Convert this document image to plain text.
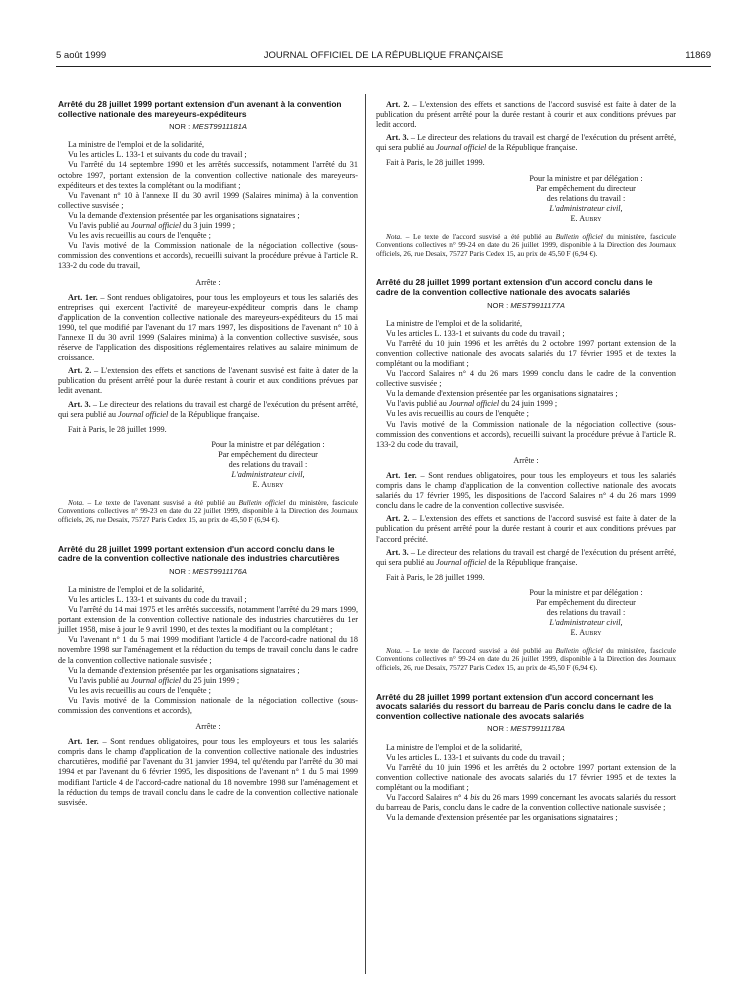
5 août 1999	JOURNAL OFFICIEL DE LA RÉPUBLIQUE FRANÇAISE	11869

Arrêté du 28 juillet 1999 portant extension d'un avenant à la convention collective nationale des mareyeurs-expéditeurs

NOR : MEST9911181A

La ministre de l'emploi et de la solidarité,

Vu les articles L. 133-1 et suivants du code du travail ;

Vu l'arrêté du 14 septembre 1990 et les arrêtés successifs, notamment l'arrêté du 31 octobre 1997, portant extension de la convention collective nationale des mareyeurs-expéditeurs et des textes la complétant ou la modifiant ;

Vu l'avenant n° 10 à l'annexe II du 30 avril 1999 (Salaires minima) à la convention collective susvisée ;

Vu la demande d'extension présentée par les organisations signataires ;

Vu l'avis publié au Journal officiel du 3 juin 1999 ;

Vu les avis recueillis au cours de l'enquête ;

Vu l'avis motivé de la Commission nationale de la négociation collective (sous-commission des conventions et accords), recueilli suivant la procédure prévue à l'article R. 133-2 du code du travail,

Arrête :

Art. 1er. – Sont rendues obligatoires, pour tous les employeurs et tous les salariés des entreprises qui exercent l'activité de mareyeur-expéditeur compris dans le champ d'application de la convention collective nationale des mareyeurs-expéditeurs du 15 mai 1990, tel que modifié par l'avenant du 17 mars 1997, les dispositions de l'avenant n° 10 à l'annexe II du 30 avril 1999 (Salaires minima) à la convention collective susvisée, sous réserve de l'application des dispositions réglementaires relatives au salaire minimum de croissance.

Art. 2. – L'extension des effets et sanctions de l'avenant susvisé est faite à dater de la publication du présent arrêté pour la durée restant à courir et aux conditions prévues par ledit avenant.

Art. 3. – Le directeur des relations du travail est chargé de l'exécution du présent arrêté, qui sera publié au Journal officiel de la République française.

Fait à Paris, le 28 juillet 1999.

Pour la ministre et par délégation :
Par empêchement du directeur
des relations du travail :
L'administrateur civil,
E. Aubry

Nota. – Le texte de l'avenant susvisé a été publié au Bulletin officiel du ministère, fascicule Conventions collectives n° 99-23 en date du 22 juillet 1999, disponible à la Direction des Journaux officiels, 26, rue Desaix, 75727 Paris Cedex 15, au prix de 45,50 F (6,94 €).

Arrêté du 28 juillet 1999 portant extension d'un accord conclu dans le cadre de la convention collective nationale des industries charcutières

NOR : MEST9911176A

La ministre de l'emploi et de la solidarité,

Vu les articles L. 133-1 et suivants du code du travail ;

Vu l'arrêté du 14 mai 1975 et les arrêtés successifs, notamment l'arrêté du 29 mars 1999, portant extension de la convention collective nationale des industries charcutières du 1er juillet 1958, mise à jour le 9 avril 1990, et des textes la modifiant ou la complétant ;

Vu l'avenant n° 1 du 5 mai 1999 modifiant l'article 4 de l'accord-cadre national du 18 novembre 1998 sur l'aménagement et la réduction du temps de travail conclu dans le cadre de la convention collective nationale susvisée ;

Vu la demande d'extension présentée par les organisations signataires ;

Vu l'avis publié au Journal officiel du 25 juin 1999 ;

Vu les avis recueillis au cours de l'enquête ;

Vu l'avis motivé de la Commission nationale de la négociation collective (sous-commission des conventions et accords),

Arrête :

Art. 1er. – Sont rendues obligatoires, pour tous les employeurs et tous les salariés compris dans le champ d'application de la convention collective nationale des industries charcutières, modifié par l'avenant du 31 janvier 1994, tel qu'étendu par l'arrêté du 30 mai 1994 et par l'avenant du 6 février 1995, les dispositions de l'avenant n° 1 du 5 mai 1999 modifiant l'article 4 de l'accord-cadre national du 18 novembre 1998 sur l'aménagement et la réduction du temps de travail conclu dans le cadre de la convention collective nationale susvisée.

Art. 2. – L'extension des effets et sanctions de l'accord susvisé est faite à dater de la publication du présent arrêté pour la durée restant à courir et aux conditions prévues par ledit accord.

Art. 3. – Le directeur des relations du travail est chargé de l'exécution du présent arrêté, qui sera publié au Journal officiel de la République française.

Fait à Paris, le 28 juillet 1999.

Pour la ministre et par délégation :
Par empêchement du directeur
des relations du travail :
L'administrateur civil,
E. Aubry

Nota. – Le texte de l'accord susvisé a été publié au Bulletin officiel du ministère, fascicule Conventions collectives n° 99-24 en date du 26 juillet 1999, disponible à la Direction des Journaux officiels, 26, rue Desaix, 75727 Paris Cedex 15, au prix de 45,50 F (6,94 €).

Arrêté du 28 juillet 1999 portant extension d'un accord conclu dans le cadre de la convention collective nationale des avocats salariés

NOR : MEST9911177A

La ministre de l'emploi et de la solidarité,

Vu les articles L. 133-1 et suivants du code du travail ;

Vu l'arrêté du 10 juin 1996 et les arrêtés du 2 octobre 1997 portant extension de la convention collective nationale des avocats salariés du 17 février 1995 et de textes la complétant ou la modifiant ;

Vu l'accord Salaires n° 4 du 26 mars 1999 conclu dans le cadre de la convention collective susvisée ;

Vu la demande d'extension présentée par les organisations signataires ;

Vu l'avis publié au Journal officiel du 24 juin 1999 ;

Vu les avis recueillis au cours de l'enquête ;

Vu l'avis motivé de la Commission nationale de la négociation collective (sous-commission des conventions et accords), recueilli suivant la procédure prévue à l'article R. 133-2 du code du travail,

Arrête :

Art. 1er. – Sont rendues obligatoires, pour tous les employeurs et tous les salariés compris dans le champ d'application de la convention collective nationale des avocats salariés du 17 février 1995, les dispositions de l'accord Salaires n° 4 du 26 mars 1999 conclu dans le cadre de la convention collective susvisée.

Art. 2. – L'extension des effets et sanctions de l'accord susvisé est faite à dater de la publication du présent arrêté pour la durée restant à courir et aux conditions prévues par l'accord précité.

Art. 3. – Le directeur des relations du travail est chargé de l'exécution du présent arrêté, qui sera publié au Journal officiel de la République française.

Fait à Paris, le 28 juillet 1999.

Pour la ministre et par délégation :
Par empêchement du directeur
des relations du travail :
L'administrateur civil,
E. Aubry

Nota. – Le texte de l'accord susvisé a été publié au Bulletin officiel du ministère, fascicule Conventions collectives n° 99-24 en date du 26 juillet 1999, disponible à la Direction des Journaux officiels, 26, rue Desaix, 75727 Paris Cedex 15, au prix de 45,50 F (6,94 €).

Arrêté du 28 juillet 1999 portant extension d'un accord concernant les avocats salariés du ressort du barreau de Paris conclu dans le cadre de la convention collective nationale des avocats salariés

NOR : MEST9911178A

La ministre de l'emploi et de la solidarité,

Vu les articles L. 133-1 et suivants du code du travail ;

Vu l'arrêté du 10 juin 1996 et les arrêtés du 2 octobre 1997 portant extension de la convention collective nationale des avocats salariés du 17 février 1995 et de textes la complétant ou la modifiant ;

Vu l'accord Salaires n° 4 bis du 26 mars 1999 concernant les avocats salariés du ressort du barreau de Paris, conclu dans le cadre de la convention collective nationale susvisée ;

Vu la demande d'extension présentée par les organisations signataires ;
